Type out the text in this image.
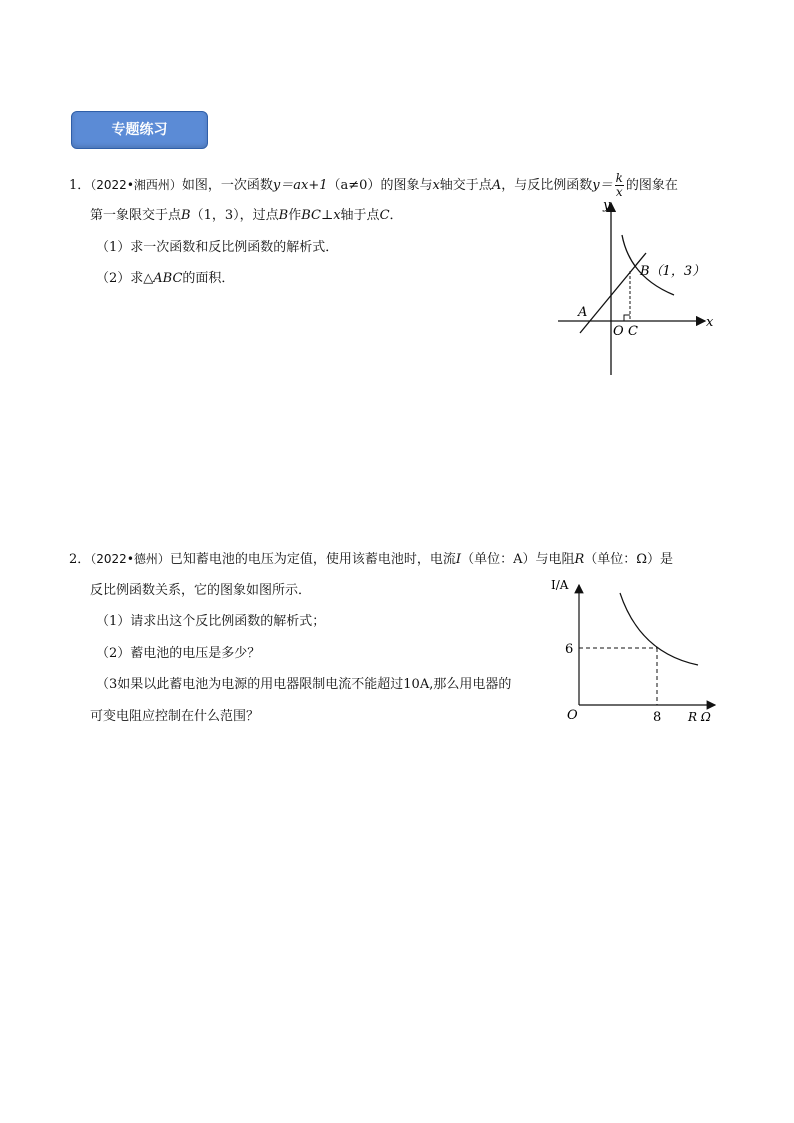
专题练习
1．（2022•湘西州）如图，一次函数y＝ax+1（a≠0）的图象与x轴交于点A，与反比例函数$y= \frac{k}{x}$ 的图象在
第一象限交于点B（1，3），过点B作BC⊥x轴于点C．
（1）求一次函数和反比例函数的解析式．
（2）求△ABC的面积．
y
x
A
O C
B（1，3）
2．（2022•德州）已知蓄电池的电压为定值，使用该蓄电池时，电流I（单位：A）与电阻R（单位：Ω）是
反比例函数关系，它的图象如图所示．
（1）请求出这个反比例函数的解析式；
（2）蓄电池的电压是多少？
（3如果以此蓄电池为电源的用电器限制电流不能超过10A,那么用电器的
可变电阻应控制在什么范围？
I/A
6
O	8 R Ω
